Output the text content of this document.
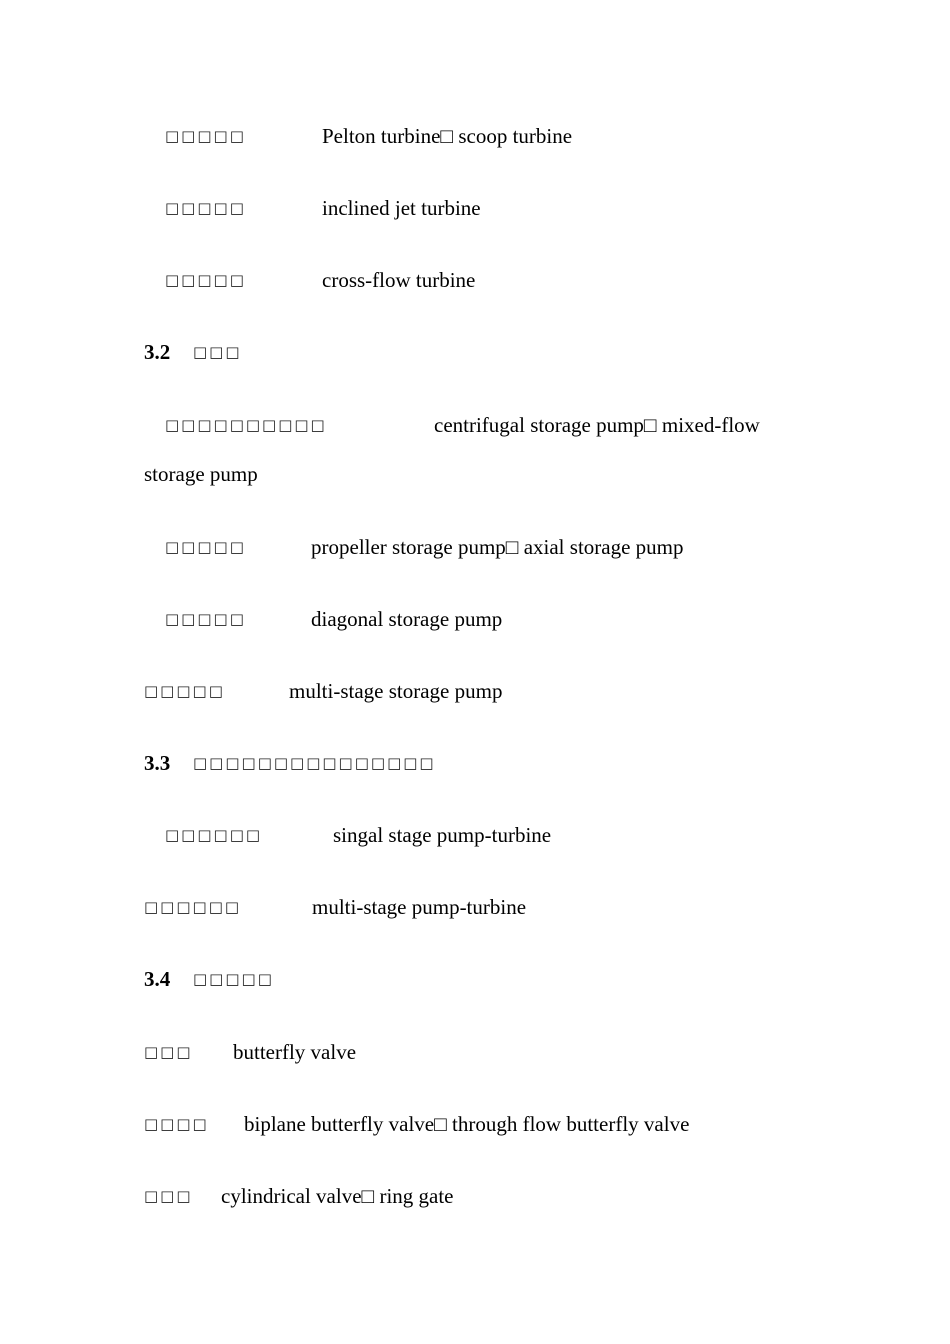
□□□□□	Pelton turbine□ scoop turbine
□□□□□	inclined jet turbine
□□□□□	cross-flow turbine
3.2 □□□
□□□□□□□□□□	centrifugal storage pump□ mixed-flow
storage pump
□□□□□	propeller storage pump□ axial storage pump
□□□□□	diagonal storage pump
□□□□□	multi-stage storage pump
3.3 □□□□□□□□□□□□□□□
□□□□□□	singal stage pump-turbine
□□□□□□	multi-stage pump-turbine
3.4 □□□□□
□□□ butterfly valve
□□□□ biplane butterfly valve□ through flow butterfly valve
□□□ cylindrical valve□ ring gate
